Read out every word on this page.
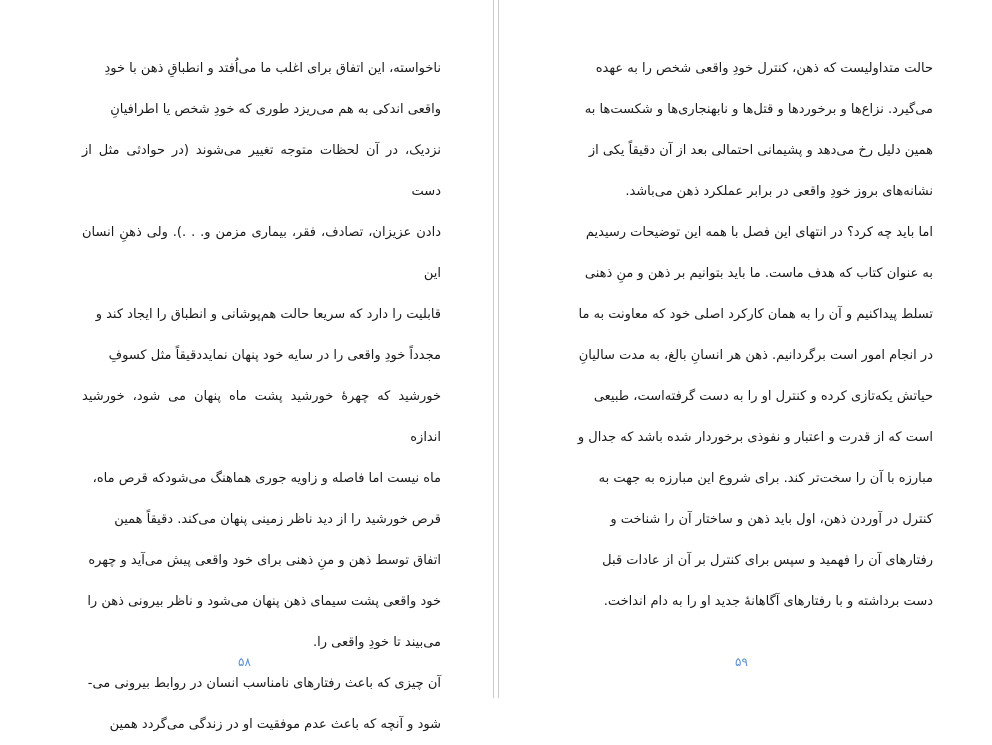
ناخواسته، این اتفاق برای اغلب ما می‌اُفتد و انطباقِ ذهن با خودِ
واقعی اندکی به هم می‌ریزد طوری که خودِ شخص یا اطرافیانِ
نزدیک، در آن لحظات متوجه تغییر می‌شوند (در حوادثی مثل از دست
دادن عزیزان، تصادف، فقر، بیماری مزمن و. . .). ولی ذهنِ انسان این
قابلیت را دارد که سریعا حالت هم‌پوشانی و انطباق را ایجاد کند و
مجدداً خودِ واقعی را در سایه خود پنهان نمایددقیقاً مثل کسوفِ
خورشید که چهرهٔ خورشید پشت ماه پنهان می شود، خورشید اندازه
ماه نیست اما فاصله و زاویه جوری هماهنگ می‌شودکه قرص ماه،
قرص خورشید را از دید ناظر زمینی پنهان می‌کند. دقیقاً همین
اتفاق توسط ذهن و منِ ذهنی برای خود واقعی پیش می‌آید و چهره
خود واقعی پشت سیمای ذهن پنهان می‌شود و ناظر بیرونی ذهن را
می‌بیند تا خودِ واقعی را.

آن چیزی که باعث رفتارهای نامناسب انسان در روابط بیرونی می-
شود و آنچه که باعث عدم موفقیت او در زندگی می‌گردد همین

۵۸

حالت متداولیست که ذهن، کنترل خودِ واقعی شخص را به عهده
می‌گیرد. نزاع‌ها و برخوردها و قتل‌ها و نابهنجاری‌ها و شکست‌ها به
همین دلیل رخ می‌دهد و پشیمانی احتمالی بعد از آن دقیقاً یکی از
نشانه‌های بروز خودِ واقعی در برابر عملکرد ذهن می‌باشد.

اما باید چه کرد؟ در انتهای این فصل با همه این توضیحات رسیدیم
به عنوان کتاب که هدف ماست. ما باید بتوانیم بر ذهن و منِ ذهنی
تسلط پیداکنیم و آن را به همان کارکرد اصلی خود که معاونت به ما
در انجام امور است برگردانیم. ذهن هر انسانِ بالغ، به مدت سالیانِ
حیاتش یکه‌تازی کرده و کنترل او را به دست گرفته‌است، طبیعی
است که از قدرت و اعتبار و نفوذی برخوردار شده باشد که جدال و
مبارزه با آن را سخت‌تر کند. برای شروع این مبارزه به جهت به
کنترل در آوردن ذهن، اول باید ذهن و ساختار آن را شناخت و
رفتارهای آن را فهمید و سپس برای کنترل بر آن از عادات قبل
دست برداشته و با رفتارهای آگاهانهٔ جدید او را به دام انداخت.

۵۹
